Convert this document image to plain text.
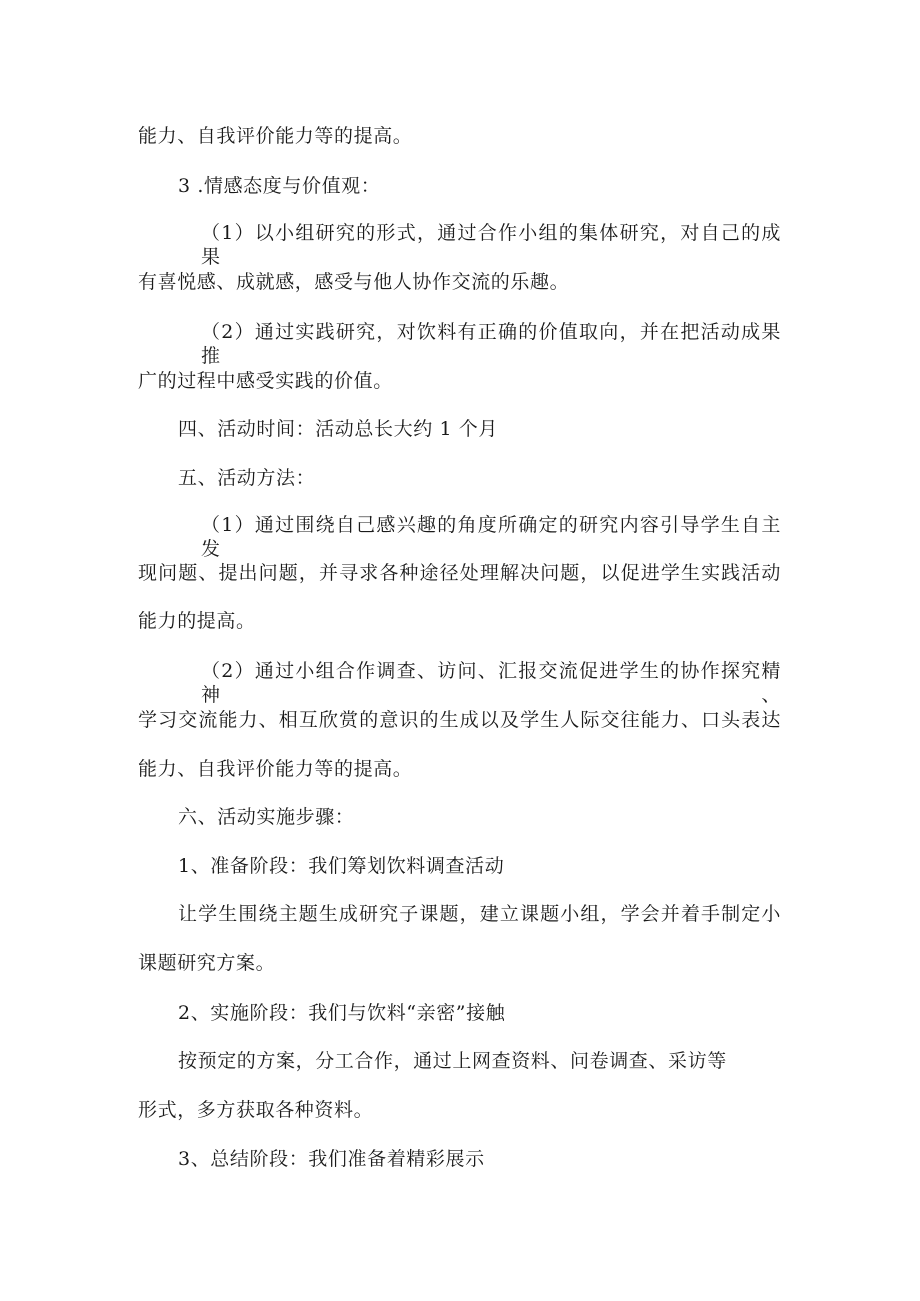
能力、自我评价能力等的提高。
3 .情感态度与价值观：
（1）以小组研究的形式，通过合作小组的集体研究，对自己的成果
有喜悦感、成就感，感受与他人协作交流的乐趣。
（2）通过实践研究，对饮料有正确的价值取向，并在把活动成果推
广的过程中感受实践的价值。
四、活动时间：活动总长大约 1 个月
五、活动方法：
（1）通过围绕自己感兴趣的角度所确定的研究内容引导学生自主发
现问题、提出问题，并寻求各种途径处理解决问题，以促进学生实践活动
能力的提高。
（2）通过小组合作调查、访问、汇报交流促进学生的协作探究精神、
学习交流能力、相互欣赏的意识的生成以及学生人际交往能力、口头表达
能力、自我评价能力等的提高。
六、活动实施步骤：
1、准备阶段：我们筹划饮料调查活动
让学生围绕主题生成研究子课题，建立课题小组，学会并着手制定小
课题研究方案。
2、实施阶段：我们与饮料“亲密”接触
按预定的方案，分工合作，通过上网查资料、问卷调查、采访等
形式，多方获取各种资料。
3、总结阶段：我们准备着精彩展示
